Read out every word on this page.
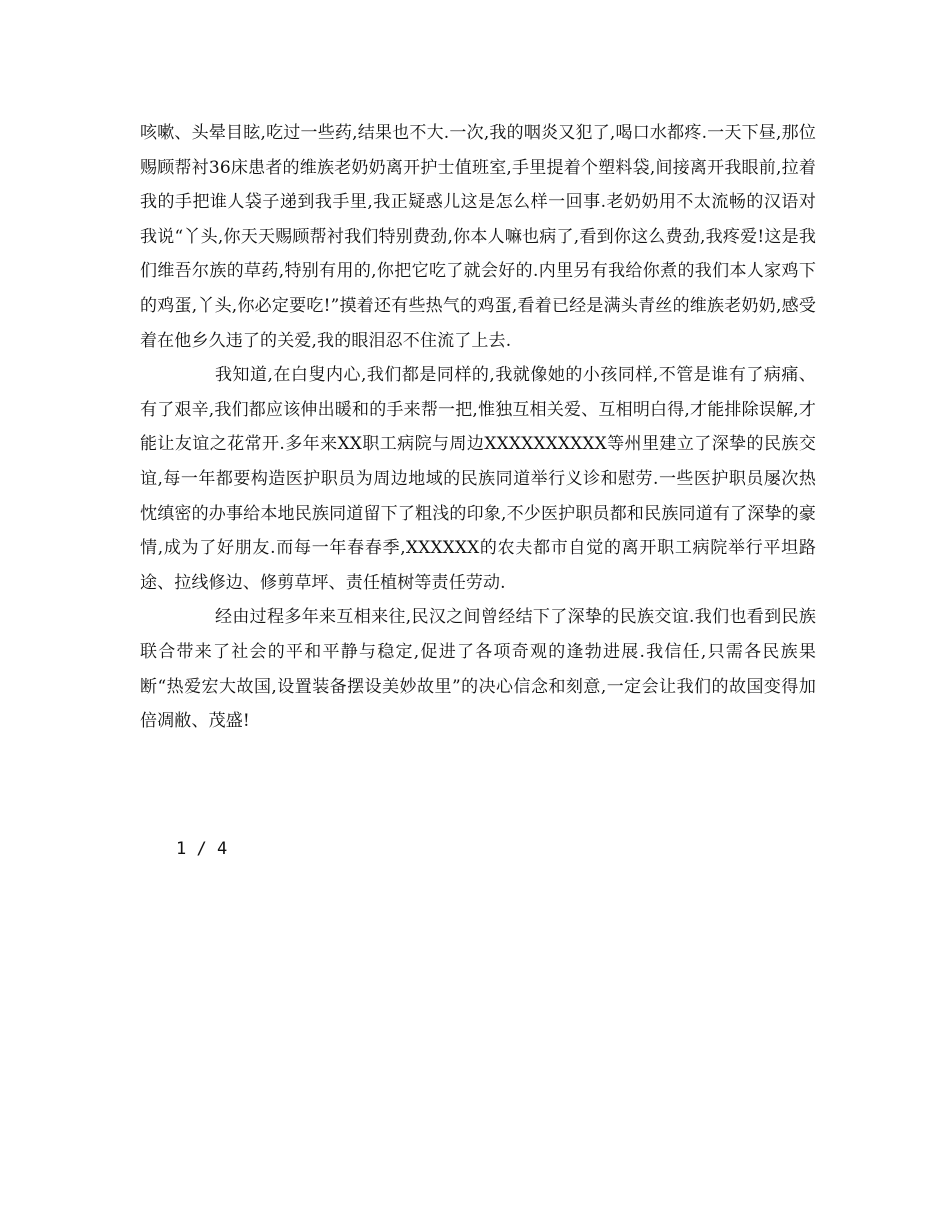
咳嗽、头晕目眩,吃过一些药,结果也不大.一次,我的咽炎又犯了,喝口水都疼.一天下昼,那位赐顾帮衬36床患者的维族老奶奶离开护士值班室,手里提着个塑料袋,间接离开我眼前,拉着我的手把谁人袋子递到我手里,我正疑惑儿这是怎么样一回事.老奶奶用不太流畅的汉语对我说“丫头,你天天赐顾帮衬我们特别费劲,你本人嘛也病了,看到你这么费劲,我疼爱!这是我们维吾尔族的草药,特别有用的,你把它吃了就会好的.内里另有我给你煮的我们本人家鸡下的鸡蛋,丫头,你必定要吃!”摸着还有些热气的鸡蛋,看着已经是满头青丝的维族老奶奶,感受着在他乡久违了的关爱,我的眼泪忍不住流了上去.

我知道,在白叟内心,我们都是同样的,我就像她的小孩同样,不管是谁有了病痛、有了艰辛,我们都应该伸出暖和的手来帮一把,惟独互相关爱、互相明白得,才能排除误解,才能让友谊之花常开.多年来XX职工病院与周边XXXXXXXXXX等州里建立了深挚的民族交谊,每一年都要构造医护职员为周边地域的民族同道举行义诊和慰劳.一些医护职员屡次热忱缜密的办事给本地民族同道留下了粗浅的印象,不少医护职员都和民族同道有了深挚的豪情,成为了好朋友.而每一年春春季,XXXXXX的农夫都市自觉的离开职工病院举行平坦路途、拉线修边、修剪草坪、责任植树等责任劳动.

经由过程多年来互相来往,民汉之间曾经结下了深挚的民族交谊.我们也看到民族联合带来了社会的平和平静与稳定,促进了各项奇观的逢勃进展.我信任,只需各民族果断“热爱宏大故国,设置装备摆设美妙故里”的决心信念和刻意,一定会让我们的故国变得加倍凋敝、茂盛!

1 / 4
